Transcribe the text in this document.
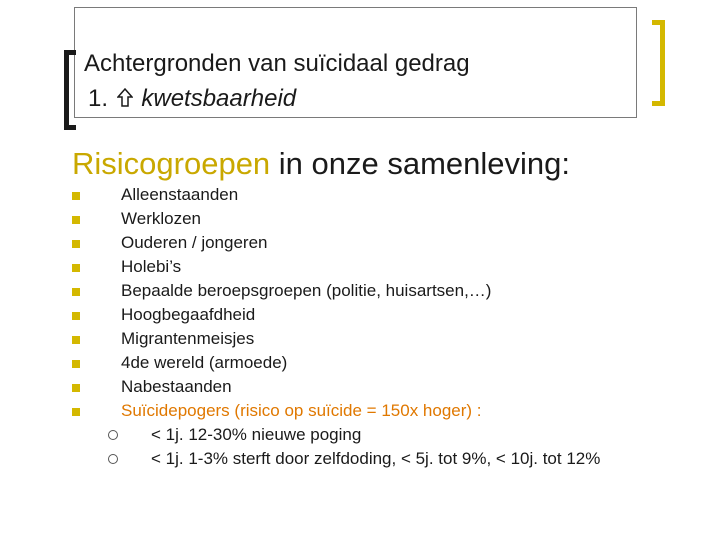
Achtergronden van suïcidaal gedrag
1. kwetsbaarheid
Risicogroepen in onze samenleving:
Alleenstaanden
Werklozen
Ouderen / jongeren
Holebi’s
Bepaalde beroepsgroepen (politie, huisartsen,…)
Hoogbegaafdheid
Migrantenmeisjes
4de wereld (armoede)
Nabestaanden
Suïcidepogers (risico op suïcide = 150x hoger) :
< 1j. 12-30% nieuwe poging
< 1j. 1-3% sterft door zelfdoding, < 5j. tot 9%, < 10j. tot 12%
